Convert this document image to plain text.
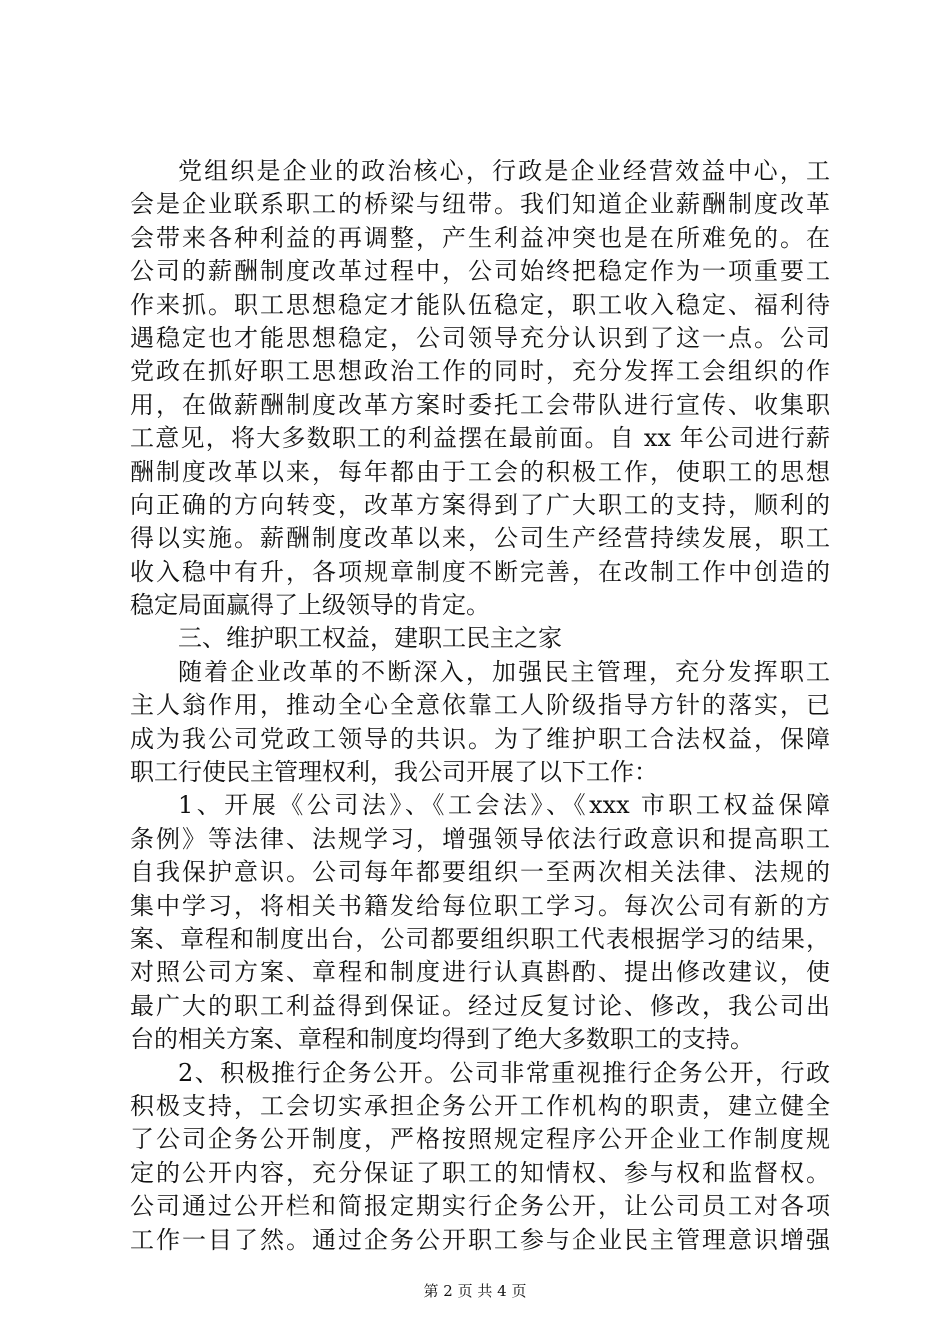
党组织是企业的政治核心，行政是企业经营效益中心，工
会是企业联系职工的桥梁与纽带。我们知道企业薪酬制度改革
会带来各种利益的再调整，产生利益冲突也是在所难免的。在
公司的薪酬制度改革过程中，公司始终把稳定作为一项重要工
作来抓。职工思想稳定才能队伍稳定，职工收入稳定、福利待
遇稳定也才能思想稳定，公司领导充分认识到了这一点。公司
党政在抓好职工思想政治工作的同时，充分发挥工会组织的作
用，在做薪酬制度改革方案时委托工会带队进行宣传、收集职
工意见，将大多数职工的利益摆在最前面。自 xx 年公司进行薪
酬制度改革以来，每年都由于工会的积极工作，使职工的思想
向正确的方向转变，改革方案得到了广大职工的支持，顺利的
得以实施。薪酬制度改革以来，公司生产经营持续发展，职工
收入稳中有升，各项规章制度不断完善，在改制工作中创造的
稳定局面赢得了上级领导的肯定。
三、维护职工权益，建职工民主之家
随着企业改革的不断深入，加强民主管理，充分发挥职工
主人翁作用，推动全心全意依靠工人阶级指导方针的落实，已
成为我公司党政工领导的共识。为了维护职工合法权益，保障
职工行使民主管理权利，我公司开展了以下工作：
1、开展《公司法》、《工会法》、《xxx 市职工权益保障
条例》等法律、法规学习，增强领导依法行政意识和提高职工
自我保护意识。公司每年都要组织一至两次相关法律、法规的
集中学习，将相关书籍发给每位职工学习。每次公司有新的方
案、章程和制度出台，公司都要组织职工代表根据学习的结果，
对照公司方案、章程和制度进行认真斟酌、提出修改建议，使
最广大的职工利益得到保证。经过反复讨论、修改，我公司出
台的相关方案、章程和制度均得到了绝大多数职工的支持。
2、积极推行企务公开。公司非常重视推行企务公开，行政
积极支持，工会切实承担企务公开工作机构的职责，建立健全
了公司企务公开制度，严格按照规定程序公开企业工作制度规
定的公开内容，充分保证了职工的知情权、参与权和监督权。
公司通过公开栏和简报定期实行企务公开，让公司员工对各项
工作一目了然。通过企务公开职工参与企业民主管理意识增强
第 2 页 共 4 页
